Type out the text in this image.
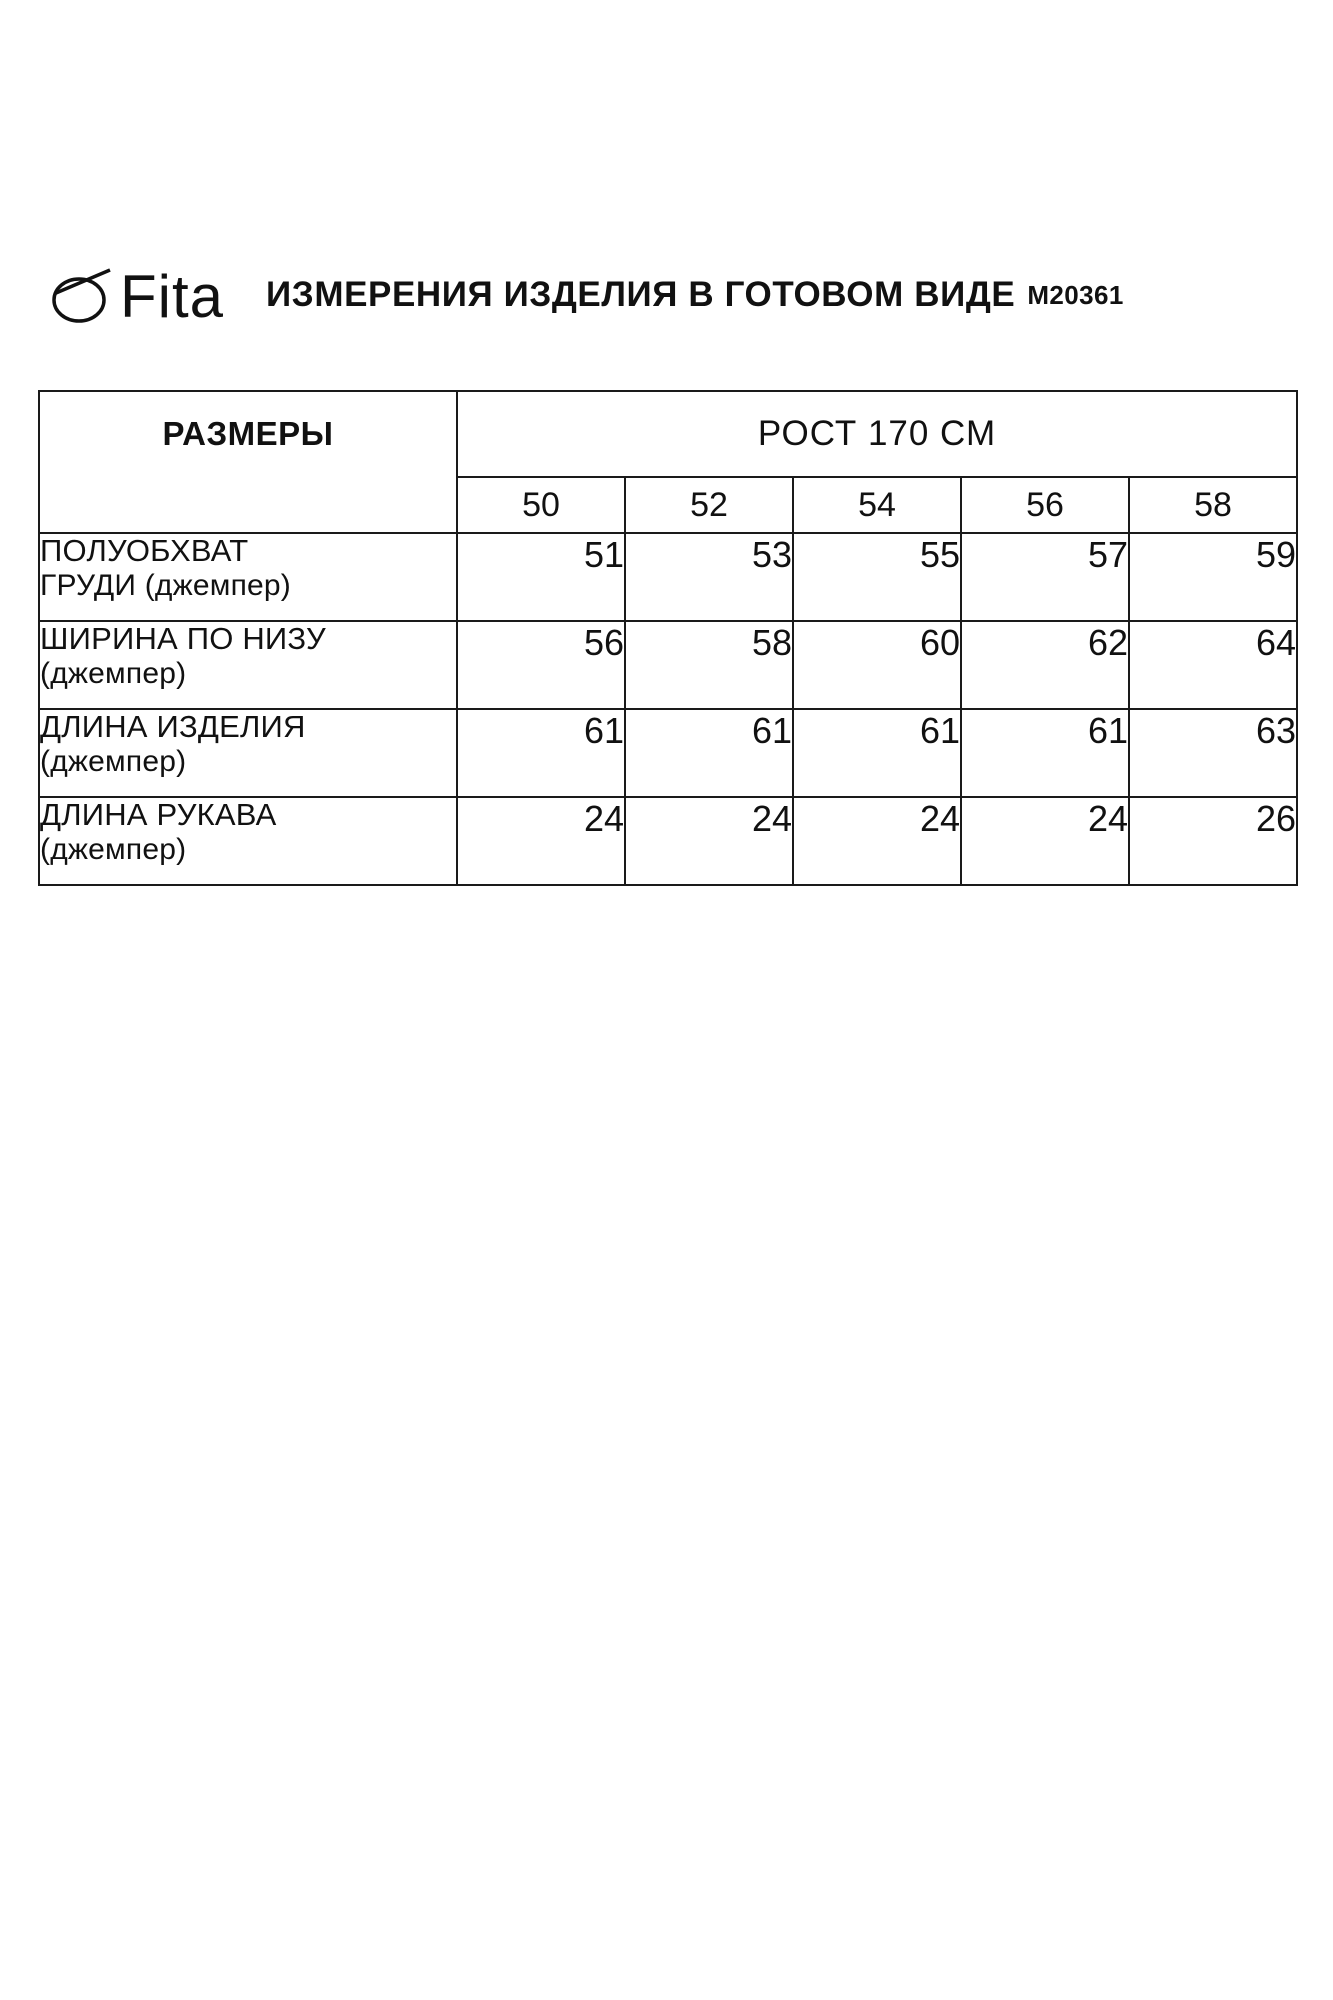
Fita ИЗМЕРЕНИЯ ИЗДЕЛИЯ В ГОТОВОМ ВИДЕ М20361
РАЗМЕРЫ	РОСТ 170 СМ				
	50	52	54	56	58

ПОЛУОБХВАТ
ГРУДИ (джемпер)	51	53	55	57	59

ШИРИНА ПО НИЗУ
(джемпер)	56	58	60	62	64

ДЛИНА ИЗДЕЛИЯ
(джемпер)	61	61	61	61	63

ДЛИНА РУКАВА
(джемпер)	24	24	24	24	26
